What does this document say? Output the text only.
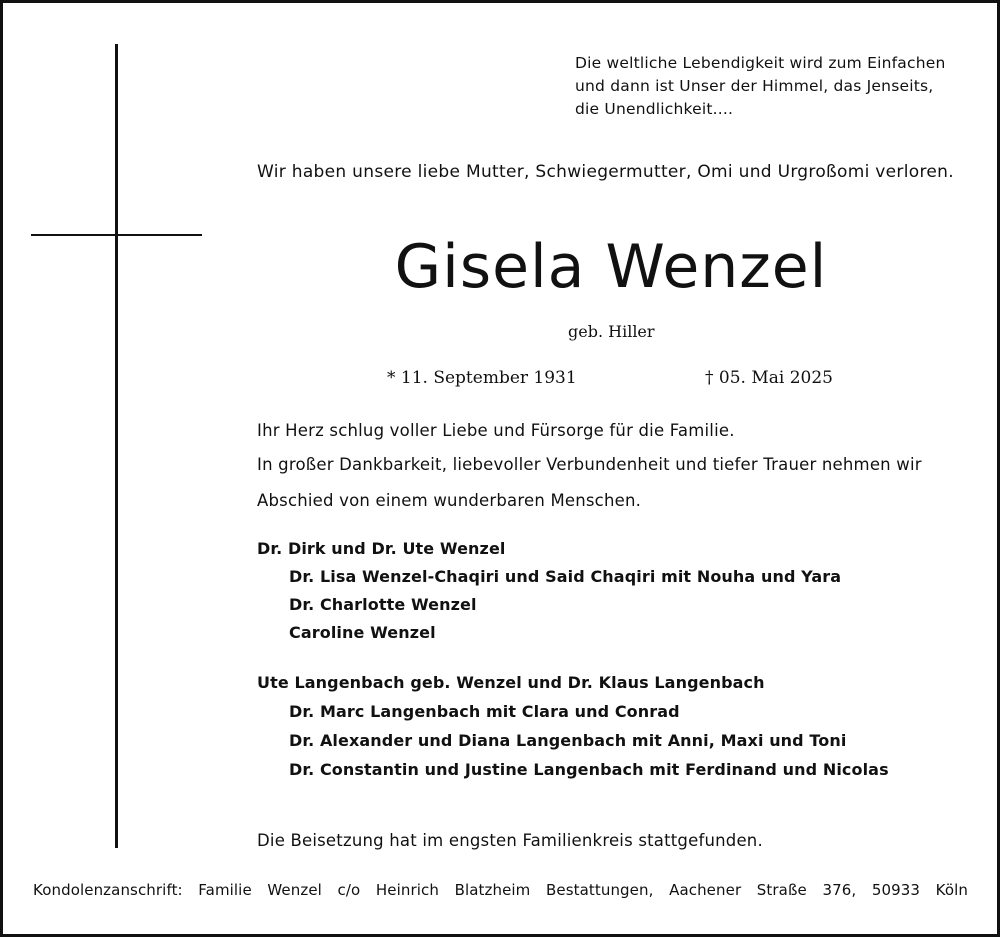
Die weltliche Lebendigkeit wird zum Einfachen
und dann ist Unser der Himmel, das Jenseits,
die Unendlichkeit....
Wir haben unsere liebe Mutter, Schwiegermutter, Omi und Urgroßomi verloren.
Gisela Wenzel
geb. Hiller
* 11. September 1931	† 05. Mai 2025
Ihr Herz schlug voller Liebe und Fürsorge für die Familie.
In großer Dankbarkeit, liebevoller Verbundenheit und tiefer Trauer nehmen wir
Abschied von einem wunderbaren Menschen.
Dr. Dirk und Dr. Ute Wenzel
Dr. Lisa Wenzel-Chaqiri und Said Chaqiri mit Nouha und Yara
Dr. Charlotte Wenzel
Caroline Wenzel
Ute Langenbach geb. Wenzel und Dr. Klaus Langenbach
Dr. Marc Langenbach mit Clara und Conrad
Dr. Alexander und Diana Langenbach mit Anni, Maxi und Toni
Dr. Constantin und Justine Langenbach mit Ferdinand und Nicolas
Die Beisetzung hat im engsten Familienkreis stattgefunden.
Kondolenzanschrift: Familie Wenzel c/o Heinrich Blatzheim Bestattungen, Aachener Straße 376, 50933 Köln
